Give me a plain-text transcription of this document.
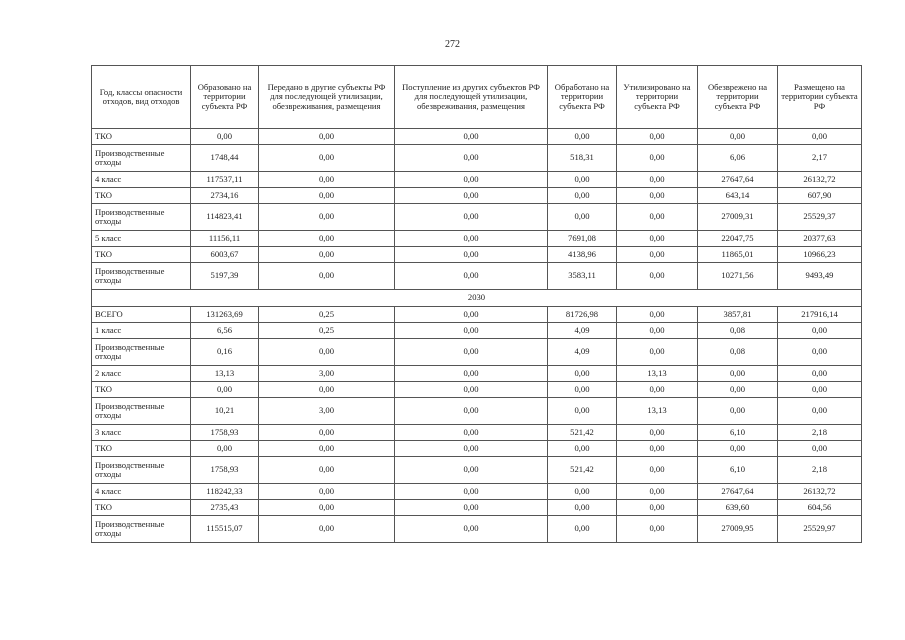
272
Год, классы опасности отходов, вид отходов	Образовано на территории субъекта РФ	Передано в другие субъекты РФ для последующей утилизации, обезвреживания, размещения	Поступление из других субъектов РФ для последующей утилизации, обезвреживания, размещения	Обработано на территории субъекта РФ	Утилизировано на территории субъекта РФ	Обезврежено на территории субъекта РФ	Размещено на территории субъекта РФ
ТКО	0,00	0,00	0,00	0,00	0,00	0,00	0,00
Производственные отходы	1748,44	0,00	0,00	518,31	0,00	6,06	2,17
4 класс	117537,11	0,00	0,00	0,00	0,00	27647,64	26132,72
ТКО	2734,16	0,00	0,00	0,00	0,00	643,14	607,90
Производственные отходы	114823,41	0,00	0,00	0,00	0,00	27009,31	25529,37
5 класс	11156,11	0,00	0,00	7691,08	0,00	22047,75	20377,63
ТКО	6003,67	0,00	0,00	4138,96	0,00	11865,01	10966,23
Производственные отходы	5197,39	0,00	0,00	3583,11	0,00	10271,56	9493,49
2030							
ВСЕГО	131263,69	0,25	0,00	81726,98	0,00	3857,81	217916,14
1 класс	6,56	0,25	0,00	4,09	0,00	0,08	0,00
Производственные отходы	0,16	0,00	0,00	4,09	0,00	0,08	0,00
2 класс	13,13	3,00	0,00	0,00	13,13	0,00	0,00
ТКО	0,00	0,00	0,00	0,00	0,00	0,00	0,00
Производственные отходы	10,21	3,00	0,00	0,00	13,13	0,00	0,00
3 класс	1758,93	0,00	0,00	521,42	0,00	6,10	2,18
ТКО	0,00	0,00	0,00	0,00	0,00	0,00	0,00
Производственные отходы	1758,93	0,00	0,00	521,42	0,00	6,10	2,18
4 класс	118242,33	0,00	0,00	0,00	0,00	27647,64	26132,72
ТКО	2735,43	0,00	0,00	0,00	0,00	639,60	604,56
Производственные отходы	115515,07	0,00	0,00	0,00	0,00	27009,95	25529,97
